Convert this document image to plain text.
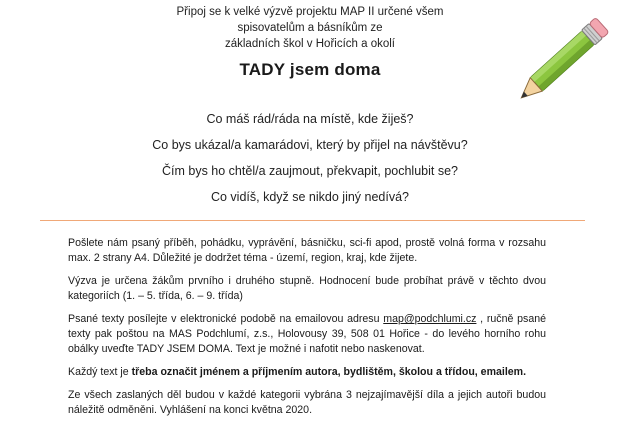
Připoj se k velké výzvě projektu MAP II určené všem spisovatelům a básníkům ze
základních škol v Hořicích a okolí
TADY jsem doma
Co máš rád/ráda na místě, kde žiješ?
Co bys ukázal/a kamarádovi, který by přijel na návštěvu?
Čím bys ho chtěl/a zaujmout, překvapit, pochlubit se?
Co vidíš, když se nikdo jiný nedívá?

Pošlete nám psaný příběh, pohádku, vyprávění, básničku, sci-fi apod, prostě volná forma v rozsahu max. 2 strany A4. Důležité je dodržet téma - území, region, kraj, kde žijete.

Výzva je určena žákům prvního i druhého stupně. Hodnocení bude probíhat právě v těchto dvou kategoriích (1. – 5. třída, 6. – 9. třída)

Psané texty posílejte v elektronické podobě na emailovou adresu map@podchlumi.cz , ručně psané texty pak poštou na MAS Podchlumí, z.s., Holovousy 39, 508 01 Hořice - do levého horního rohu obálky uveďte TADY JSEM DOMA. Text je možné i nafotit nebo naskenovat.

Každý text je třeba označit jménem a příjmením autora, bydlištěm, školou a třídou, emailem.

Ze všech zaslaných děl budou v každé kategorii vybrána 3 nejzajímavější díla a jejich autoři budou náležitě odměněni. Vyhlášení na konci května 2020.
